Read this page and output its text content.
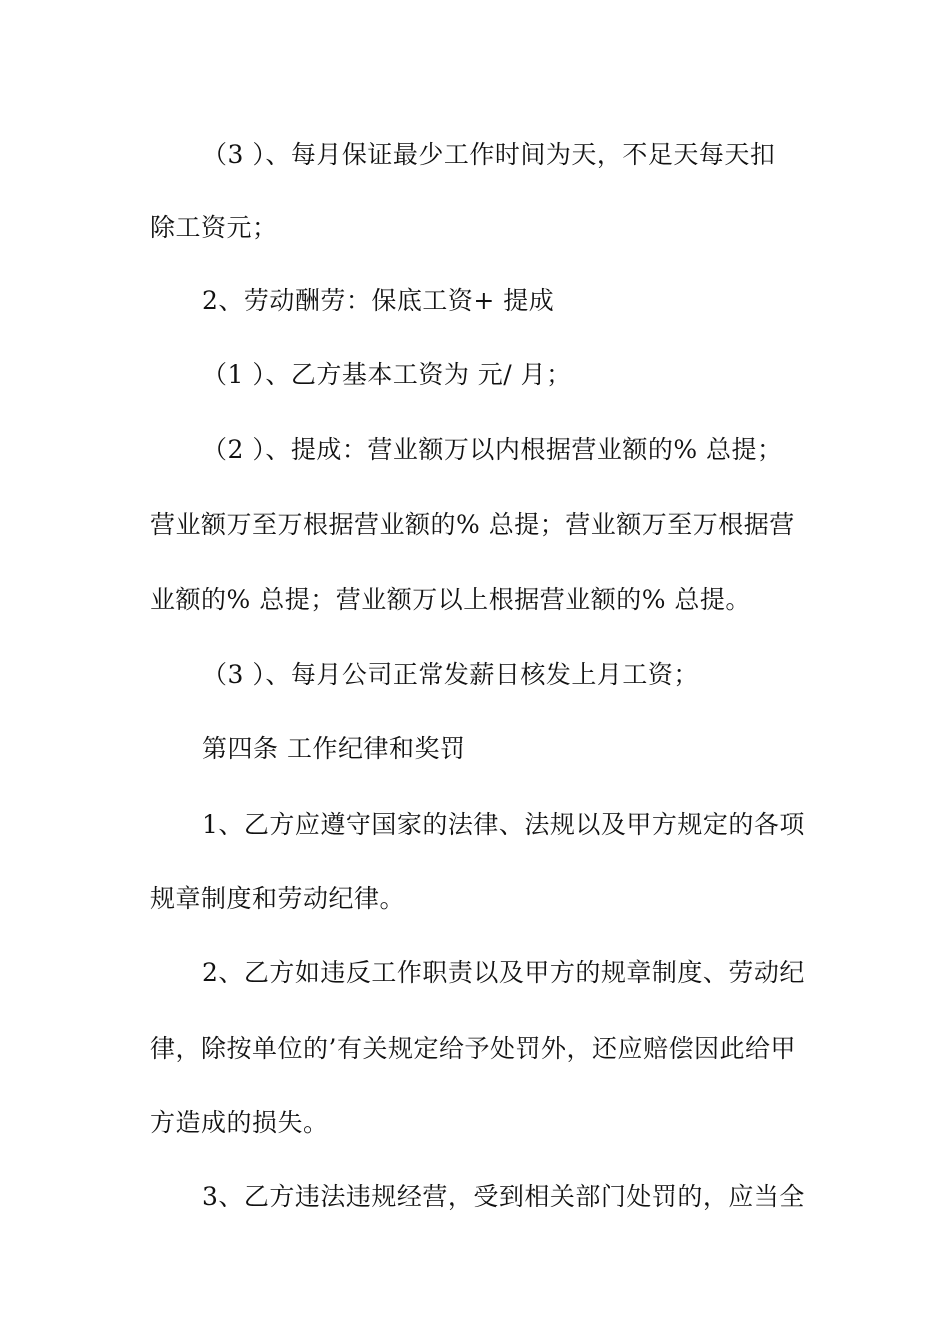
（3 ）、每月保证最少工作时间为天，不足天每天扣
除工资元；
2、劳动酬劳：保底工资+ 提成
（1 ）、乙方基本工资为 元/ 月；
（2 ）、提成：营业额万以内根据营业额的% 总提；
营业额万至万根据营业额的% 总提；营业额万至万根据营
业额的% 总提；营业额万以上根据营业额的% 总提。
（3 ）、每月公司正常发薪日核发上月工资；
第四条 工作纪律和奖罚
1、乙方应遵守国家的法律、法规以及甲方规定的各项
规章制度和劳动纪律。
2、乙方如违反工作职责以及甲方的规章制度、劳动纪
律，除按单位的’有关规定给予处罚外，还应赔偿因此给甲
方造成的损失。
3、乙方违法违规经营，受到相关部门处罚的，应当全
